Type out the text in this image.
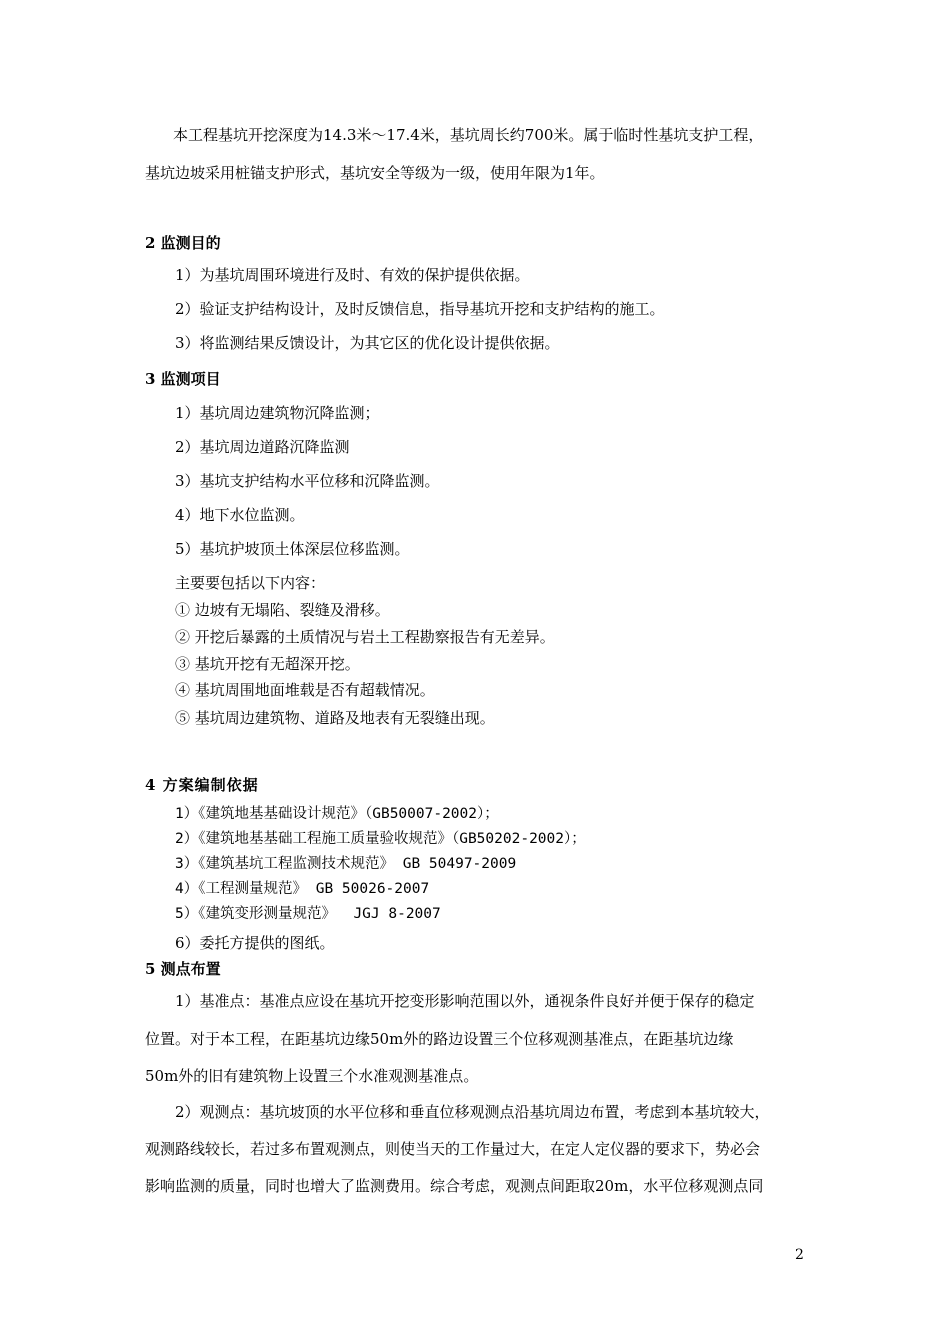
本工程基坑开挖深度为14.3米～17.4米，基坑周长约700米。属于临时性基坑支护工程，
基坑边坡采用桩锚支护形式，基坑安全等级为一级，使用年限为1年。
2 监测目的
1）为基坑周围环境进行及时、有效的保护提供依据。
2）验证支护结构设计，及时反馈信息，指导基坑开挖和支护结构的施工。
3）将监测结果反馈设计，为其它区的优化设计提供依据。
3 监测项目
1）基坑周边建筑物沉降监测；
2）基坑周边道路沉降监测
3）基坑支护结构水平位移和沉降监测。
4）地下水位监测。
5）基坑护坡顶土体深层位移监测。
主要要包括以下内容：
① 边坡有无塌陷、裂缝及滑移。
② 开挖后暴露的土质情况与岩土工程勘察报告有无差异。
③ 基坑开挖有无超深开挖。
④ 基坑周围地面堆载是否有超载情况。
⑤ 基坑周边建筑物、道路及地表有无裂缝出现。
4 方案编制依据
1）《建筑地基基础设计规范》（GB50007-2002）；
2）《建筑地基基础工程施工质量验收规范》（GB50202-2002）；
3）《建筑基坑工程监测技术规范》 GB 50497-2009
4）《工程测量规范》 GB 50026-2007
5）《建筑变形测量规范》  JGJ 8-2007
6）委托方提供的图纸。
5 测点布置
1）基准点：基准点应设在基坑开挖变形影响范围以外，通视条件良好并便于保存的稳定
位置。对于本工程，在距基坑边缘50m外的路边设置三个位移观测基准点，在距基坑边缘
50m外的旧有建筑物上设置三个水准观测基准点。
2）观测点：基坑坡顶的水平位移和垂直位移观测点沿基坑周边布置，考虑到本基坑较大，
观测路线较长，若过多布置观测点，则使当天的工作量过大，在定人定仪器的要求下，势必会
影响监测的质量，同时也增大了监测费用。综合考虑，观测点间距取20m，水平位移观测点同
2
